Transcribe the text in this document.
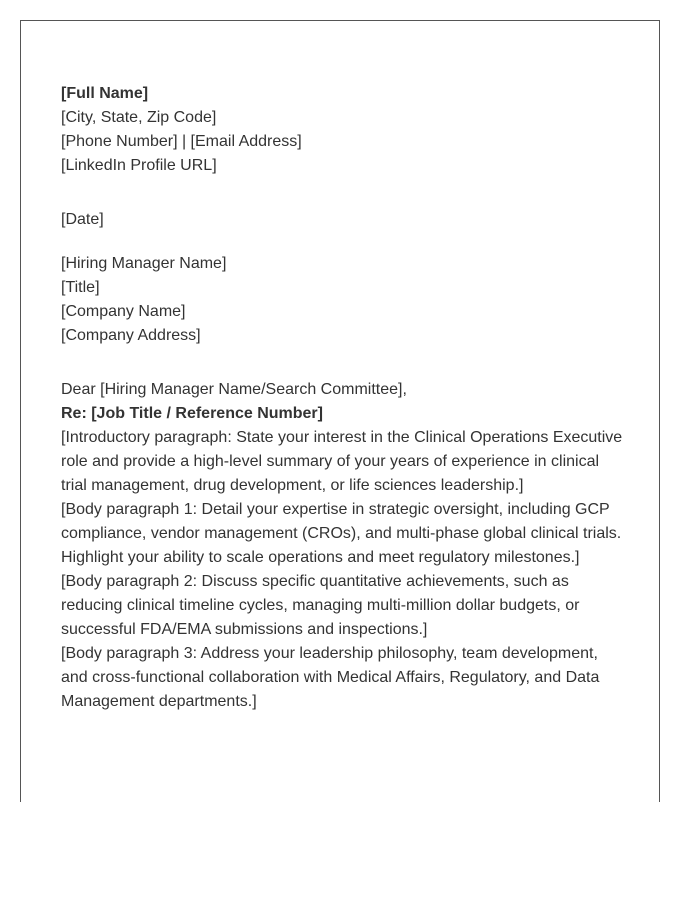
[Full Name]
[City, State, Zip Code]
[Phone Number] | [Email Address]
[LinkedIn Profile URL]
[Date]
[Hiring Manager Name]
[Title]
[Company Name]
[Company Address]
Dear [Hiring Manager Name/Search Committee],
Re: [Job Title / Reference Number]

[Introductory paragraph: State your interest in the Clinical Operations Executive role and provide a high-level summary of your years of experience in clinical trial management, drug development, or life sciences leadership.]

[Body paragraph 1: Detail your expertise in strategic oversight, including GCP compliance, vendor management (CROs), and multi-phase global clinical trials. Highlight your ability to scale operations and meet regulatory milestones.]

[Body paragraph 2: Discuss specific quantitative achievements, such as reducing clinical timeline cycles, managing multi-million dollar budgets, or successful FDA/EMA submissions and inspections.]

[Body paragraph 3: Address your leadership philosophy, team development, and cross-functional collaboration with Medical Affairs, Regulatory, and Data Management departments.]
